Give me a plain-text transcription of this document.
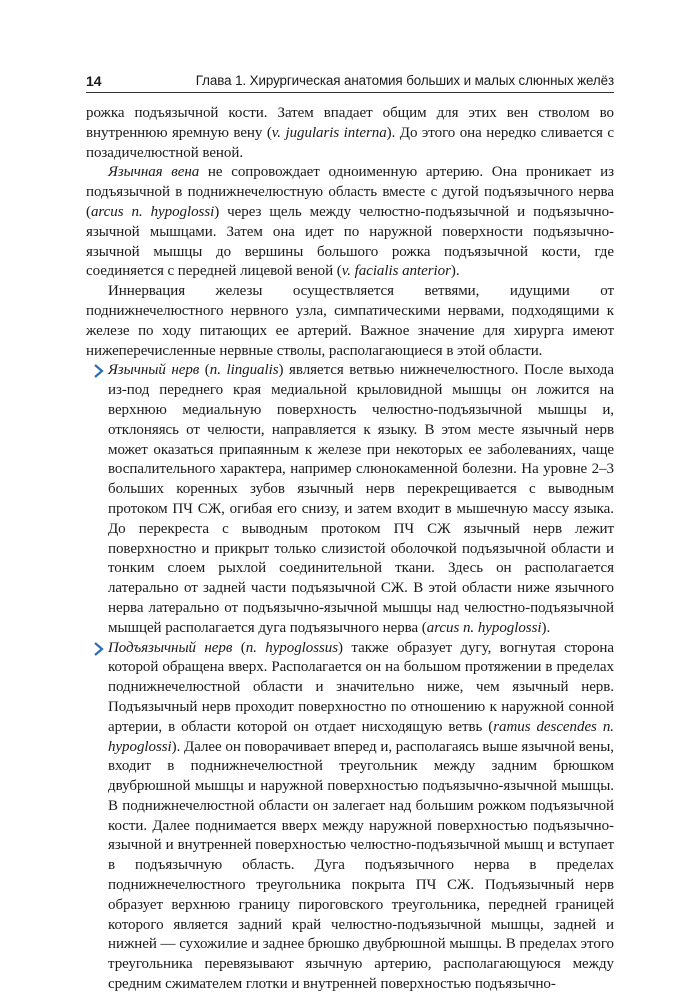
14	Глава 1. Хирургическая анатомия больших и малых слюнных желёз

рожка подъязычной кости. Затем впадает общим для этих вен стволом во внутреннюю яремную вену (v. jugularis interna). До этого она нередко сливается с позадичелюстной веной.

Язычная вена не сопровождает одноименную артерию. Она проникает из подъязычной в поднижнечелюстную область вместе с дугой подъязычного нерва (arcus n. hypoglossi) через щель между челюстно-подъязычной и подъязычно-язычной мышцами. Затем она идет по наружной поверхности подъязычно-язычной мышцы до вершины большого рожка подъязычной кости, где соединяется с передней лицевой веной (v. facialis anterior).

Иннервация железы осуществляется ветвями, идущими от поднижнечелюстного нервного узла, симпатическими нервами, подходящими к железе по ходу питающих ее артерий. Важное значение для хирурга имеют нижеперечисленные нервные стволы, располагающиеся в этой области.

Язычный нерв (n. lingualis) является ветвью нижнечелюстного. После выхода из-под переднего края медиальной крыловидной мышцы он ложится на верхнюю медиальную поверхность челюстно-подъязычной мышцы и, отклоняясь от челюсти, направляется к языку. В этом месте язычный нерв может оказаться припаянным к железе при некоторых ее заболеваниях, чаще воспалительного характера, например слюнокаменной болезни. На уровне 2–3 больших коренных зубов язычный нерв перекрещивается с выводным протоком ПЧ СЖ, огибая его снизу, и затем входит в мышечную массу языка. До перекреста с выводным протоком ПЧ СЖ язычный нерв лежит поверхностно и прикрыт только слизистой оболочкой подъязычной области и тонким слоем рыхлой соединительной ткани. Здесь он располагается латерально от задней части подъязычной СЖ. В этой области ниже язычного нерва латерально от подъязычно-язычной мышцы над челюстно-подъязычной мышцей располагается дуга подъязычного нерва (arcus n. hypoglossi).

Подъязычный нерв (n. hypoglossus) также образует дугу, вогнутая сторона которой обращена вверх. Располагается он на большом протяжении в пределах поднижнечелюстной области и значительно ниже, чем язычный нерв. Подъязычный нерв проходит поверхностно по отношению к наружной сонной артерии, в области которой он отдает нисходящую ветвь (ramus descendes n. hypoglossi). Далее он поворачивает вперед и, располагаясь выше язычной вены, входит в поднижнечелюстной треугольник между задним брюшком двубрюшной мышцы и наружной поверхностью подъязычно-язычной мышцы. В поднижнечелюстной области он залегает над большим рожком подъязычной кости. Далее поднимается вверх между наружной поверхностью подъязычно-язычной и внутренней поверхностью челюстно-подъязычной мышц и вступает в подъязычную область. Дуга подъязычного нерва в пределах поднижнечелюстного треугольника покрыта ПЧ СЖ. Подъязычный нерв образует верхнюю границу пироговского треугольника, передней границей которого является задний край челюстно-подъязычной мышцы, задней и нижней — сухожилие и заднее брюшко двубрюшной мышцы. В пределах этого треугольника перевязывают язычную артерию, располагающуюся между средним сжимателем глотки и внутренней поверхностью подъязычно-
